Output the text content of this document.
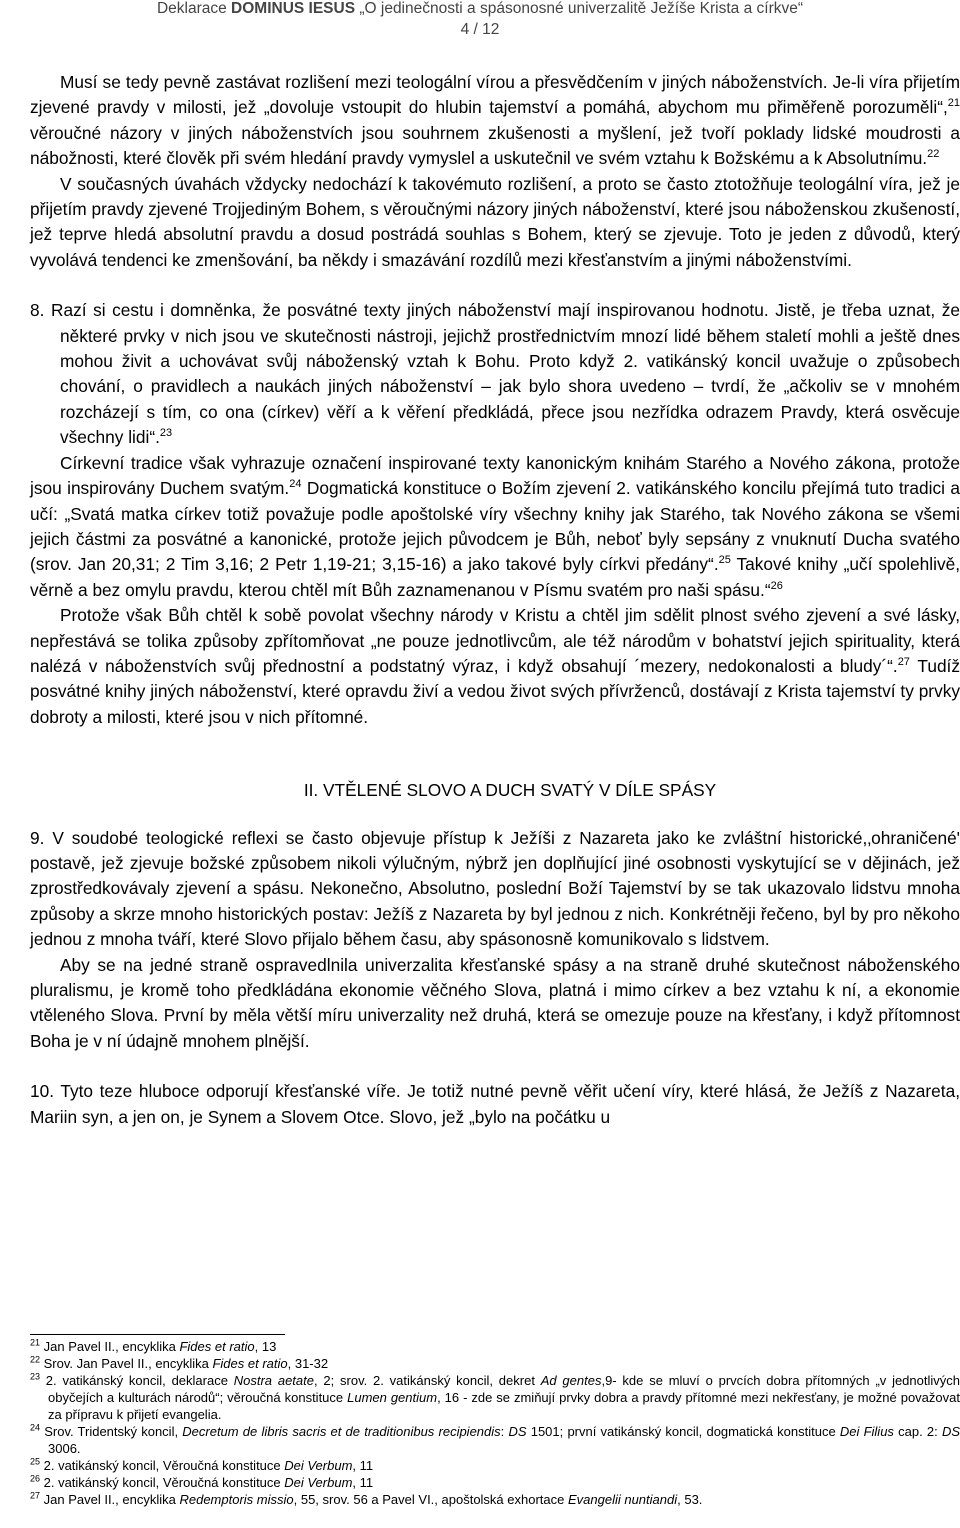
Deklarace DOMINUS IESUS „O jedinečnosti a spásonosné univerzalitě Ježíše Krista a církve“
4 / 12

Musí se tedy pevně zastávat rozlišení mezi teologální vírou a přesvědčením v jiných náboženstvích. Je-li víra přijetím zjevené pravdy v milosti, jež „dovoluje vstoupit do hlubin tajemství a pomáhá, abychom mu přiměřeně porozuměli“,$^{21}$ věroučné názory v jiných náboženstvích jsou souhrnem zkušenosti a myšlení, jež tvoří poklady lidské moudrosti a nábožnosti, které člověk při svém hledání pravdy vymyslel a uskutečnil ve svém vztahu k Božskému a k Absolutnímu.$^{22}$

V současných úvahách vždycky nedochází k takovémuto rozlišení, a proto se často ztotožňuje teologální víra, jež je přijetím pravdy zjevené Trojjediným Bohem, s věroučnými názory jiných náboženství, které jsou náboženskou zkušeností, jež teprve hledá absolutní pravdu a dosud postrádá souhlas s Bohem, který se zjevuje. Toto je jeden z důvodů, který vyvolává tendenci ke zmenšování, ba někdy i smazávání rozdílů mezi křesťanstvím a jinými náboženstvími.

8. Razí si cestu i domněnka, že posvátné texty jiných náboženství mají inspirovanou hodnotu. Jistě, je třeba uznat, že některé prvky v nich jsou ve skutečnosti nástroji, jejichž prostřednictvím mnozí lidé během staletí mohli a ještě dnes mohou živit a uchovávat svůj náboženský vztah k Bohu. Proto když 2. vatikánský koncil uvažuje o způsobech chování, o pravidlech a naukách jiných náboženství – jak bylo shora uvedeno – tvrdí, že „ačkoliv se v mnohém rozcházejí s tím, co ona (církev) věří a k věření předkládá, přece jsou nezřídka odrazem Pravdy, která osvěcuje všechny lidi“.$^{23}$

Církevní tradice však vyhrazuje označení inspirované texty kanonickým knihám Starého a Nového zákona, protože jsou inspirovány Duchem svatým.$^{24}$ Dogmatická konstituce o Božím zjevení 2. vatikánského koncilu přejímá tuto tradici a učí: „Svatá matka církev totiž považuje podle apoštolské víry všechny knihy jak Starého, tak Nového zákona se všemi jejich částmi za posvátné a kanonické, protože jejich původcem je Bůh, neboť byly sepsány z vnuknutí Ducha svatého (srov. Jan 20,31; 2 Tim 3,16; 2 Petr 1,19-21; 3,15-16) a jako takové byly církvi předány“.$^{25}$ Takové knihy „učí spolehlivě, věrně a bez omylu pravdu, kterou chtěl mít Bůh zaznamenanou v Písmu svatém pro naši spásu.“$^{26}$

Protože však Bůh chtěl k sobě povolat všechny národy v Kristu a chtěl jim sdělit plnost svého zjevení a své lásky, nepřestává se tolika způsoby zpřítomňovat „ne pouze jednotlivcům, ale též národům v bohatství jejich spirituality, která nalézá v náboženstvích svůj přednostní a podstatný výraz, i když obsahují ´mezery, nedokonalosti a bludy´“.$^{27}$ Tudíž posvátné knihy jiných náboženství, které opravdu živí a vedou život svých přívrženců, dostávají z Krista tajemství ty prvky dobroty a milosti, které jsou v nich přítomné.

II. VTĚLENÉ SLOVO A DUCH SVATÝ V DÍLE SPÁSY

9. V soudobé teologické reflexi se často objevuje přístup k Ježíši z Nazareta jako ke zvláštní historické,‚ohraničené' postavě, jež zjevuje božské způsobem nikoli výlučným, nýbrž jen doplňující jiné osobnosti vyskytující se v dějinách, jež zprostředkovávaly zjevení a spásu. Nekonečno, Absolutno, poslední Boží Tajemství by se tak ukazovalo lidstvu mnoha způsoby a skrze mnoho historických postav: Ježíš z Nazareta by byl jednou z nich. Konkrétněji řečeno, byl by pro někoho jednou z mnoha tváří, které Slovo přijalo během času, aby spásonosně komunikovalo s lidstvem.

Aby se na jedné straně ospravedlnila univerzalita křesťanské spásy a na straně druhé skutečnost náboženského pluralismu, je kromě toho předkládána ekonomie věčného Slova, platná i mimo církev a bez vztahu k ní, a ekonomie vtěleného Slova. První by měla větší míru univerzality než druhá, která se omezuje pouze na křesťany, i když přítomnost Boha je v ní údajně mnohem plnější.

10. Tyto teze hluboce odporují křesťanské víře. Je totiž nutné pevně věřit učení víry, které hlásá, že Ježíš z Nazareta, Mariin syn, a jen on, je Synem a Slovem Otce. Slovo, jež „bylo na počátku u

$^{21}$ Jan Pavel II., encyklika Fides et ratio, 13

$^{22}$ Srov. Jan Pavel II., encyklika Fides et ratio, 31-32

$^{23}$ 2. vatikánský koncil, deklarace Nostra aetate, 2; srov. 2. vatikánský koncil, dekret Ad gentes,9- kde se mluví o prvcích dobra přítomných „v jednotlivých obyčejích a kulturách národů“; věroučná konstituce Lumen gentium, 16 - zde se zmiňují prvky dobra a pravdy přítomné mezi nekřesťany, je možné považovat za přípravu k přijetí evangelia.

$^{24}$ Srov. Tridentský koncil, Decretum de libris sacris et de traditionibus recipiendis: DS 1501; první vatikánský koncil, dogmatická konstituce Dei Filius cap. 2: DS 3006.

$^{25}$ 2. vatikánský koncil, Věroučná konstituce Dei Verbum, 11

$^{26}$ 2. vatikánský koncil, Věroučná konstituce Dei Verbum, 11

$^{27}$ Jan Pavel II., encyklika Redemptoris missio, 55, srov. 56 a Pavel VI., apoštolská exhortace Evangelii nuntiandi, 53.
